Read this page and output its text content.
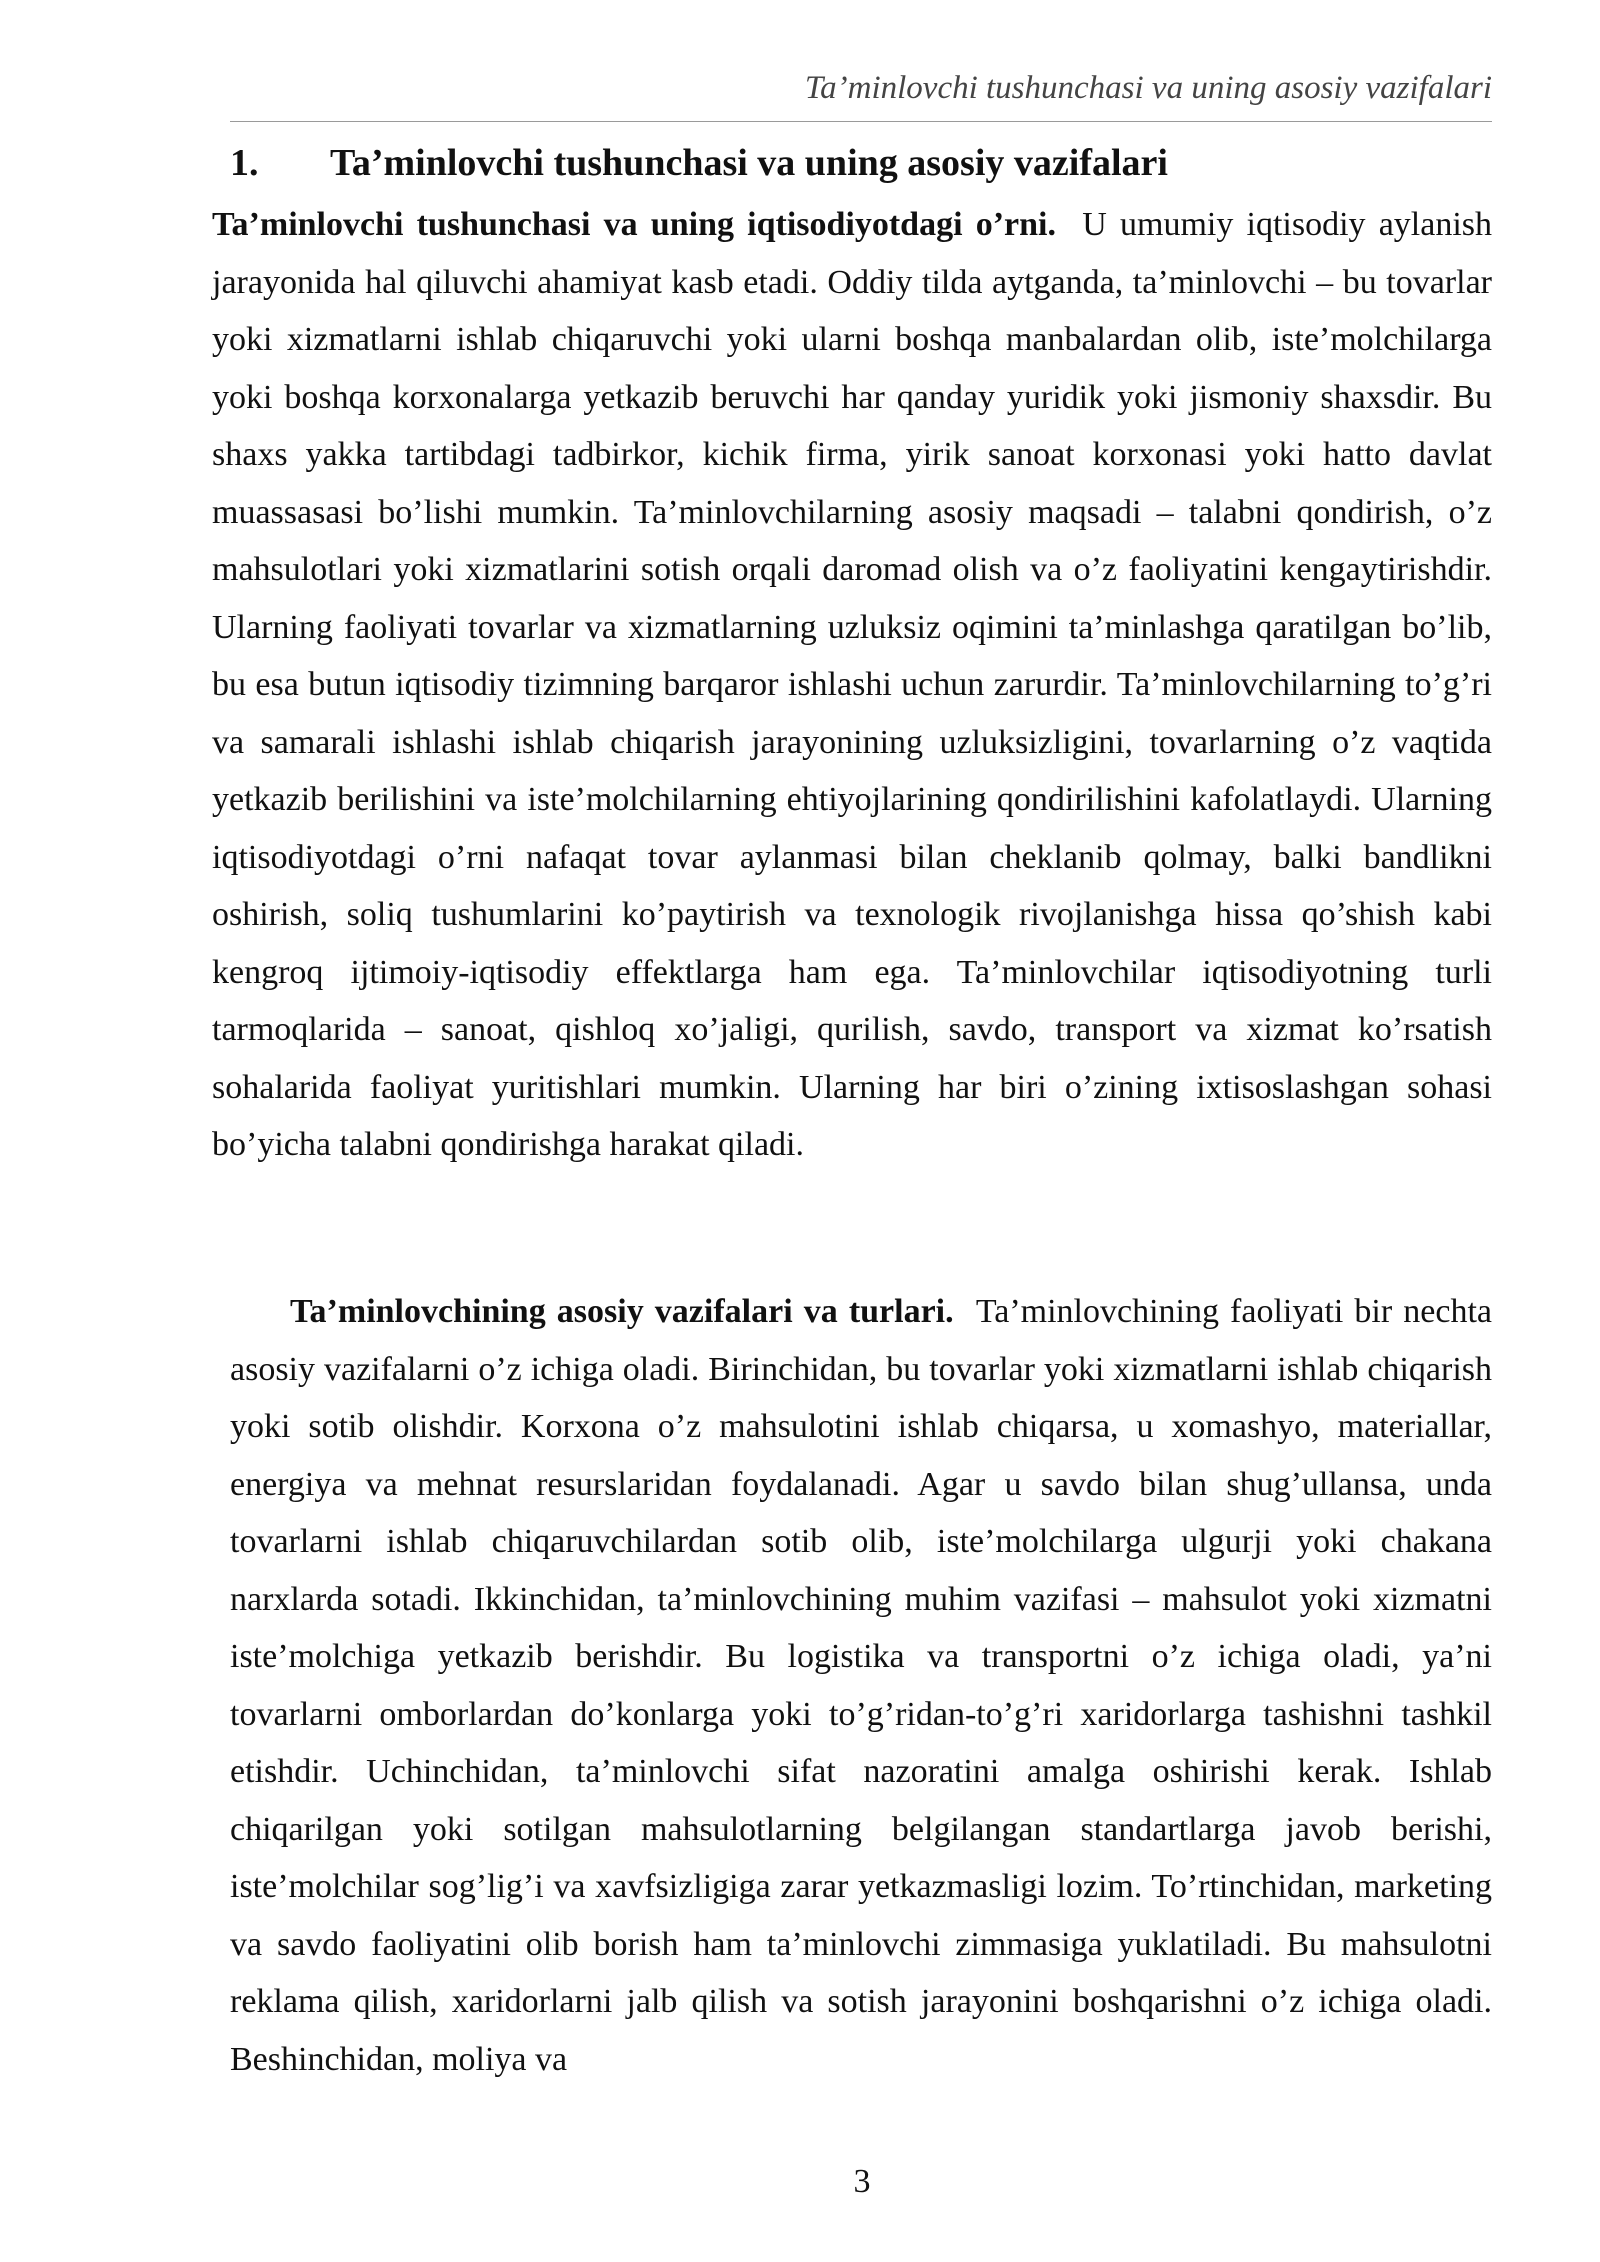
Ta’minlovchi tushunchasi va uning asosiy vazifalari
1. Ta’minlovchi tushunchasi va uning asosiy vazifalari

Ta’minlovchi tushunchasi va uning iqtisodiyotdagi o’rni. U umumiy iqtisodiy aylanish jarayonida hal qiluvchi ahamiyat kasb etadi. Oddiy tilda aytganda, ta’minlovchi – bu tovarlar yoki xizmatlarni ishlab chiqaruvchi yoki ularni boshqa manbalardan olib, iste’molchilarga yoki boshqa korxonalarga yetkazib beruvchi har qanday yuridik yoki jismoniy shaxsdir. Bu shaxs yakka tartibdagi tadbirkor, kichik firma, yirik sanoat korxonasi yoki hatto davlat muassasasi bo’lishi mumkin. Ta’minlovchilarning asosiy maqsadi – talabni qondirish, o’z mahsulotlari yoki xizmatlarini sotish orqali daromad olish va o’z faoliyatini kengaytirishdir. Ularning faoliyati tovarlar va xizmatlarning uzluksiz oqimini ta’minlashga qaratilgan bo’lib, bu esa butun iqtisodiy tizimning barqaror ishlashi uchun zarurdir. Ta’minlovchilarning to’g’ri va samarali ishlashi ishlab chiqarish jarayonining uzluksizligini, tovarlarning o’z vaqtida yetkazib berilishini va iste’molchilarning ehtiyojlarining qondirilishini kafolatlaydi. Ularning iqtisodiyotdagi o’rni nafaqat tovar aylanmasi bilan cheklanib qolmay, balki bandlikni oshirish, soliq tushumlarini ko’paytirish va texnologik rivojlanishga hissa qo’shish kabi kengroq ijtimoiy-iqtisodiy effektlarga ham ega. Ta’minlovchilar iqtisodiyotning turli tarmoqlarida – sanoat, qishloq xo’jaligi, qurilish, savdo, transport va xizmat ko’rsatish sohalarida faoliyat yuritishlari mumkin. Ularning har biri o’zining ixtisoslashgan sohasi bo’yicha talabni qondirishga harakat qiladi.

Ta’minlovchining asosiy vazifalari va turlari. Ta’minlovchining faoliyati bir nechta asosiy vazifalarni o’z ichiga oladi. Birinchidan, bu tovarlar yoki xizmatlarni ishlab chiqarish yoki sotib olishdir. Korxona o’z mahsulotini ishlab chiqarsa, u xomashyo, materiallar, energiya va mehnat resurslaridan foydalanadi. Agar u savdo bilan shug’ullansa, unda tovarlarni ishlab chiqaruvchilardan sotib olib, iste’molchilarga ulgurji yoki chakana narxlarda sotadi. Ikkinchidan, ta’minlovchining muhim vazifasi – mahsulot yoki xizmatni iste’molchiga yetkazib berishdir. Bu logistika va transportni o’z ichiga oladi, ya’ni tovarlarni omborlardan do’konlarga yoki to’g’ridan-to’g’ri xaridorlarga tashishni tashkil etishdir. Uchinchidan, ta’minlovchi sifat nazoratini amalga oshirishi kerak. Ishlab chiqarilgan yoki sotilgan mahsulotlarning belgilangan standartlarga javob berishi, iste’molchilar sog’lig’i va xavfsizligiga zarar yetkazmasligi lozim. To’rtinchidan, marketing va savdo faoliyatini olib borish ham ta’minlovchi zimmasiga yuklatiladi. Bu mahsulotni reklama qilish, xaridorlarni jalb qilish va sotish jarayonini boshqarishni o’z ichiga oladi. Beshinchidan, moliya va

3
